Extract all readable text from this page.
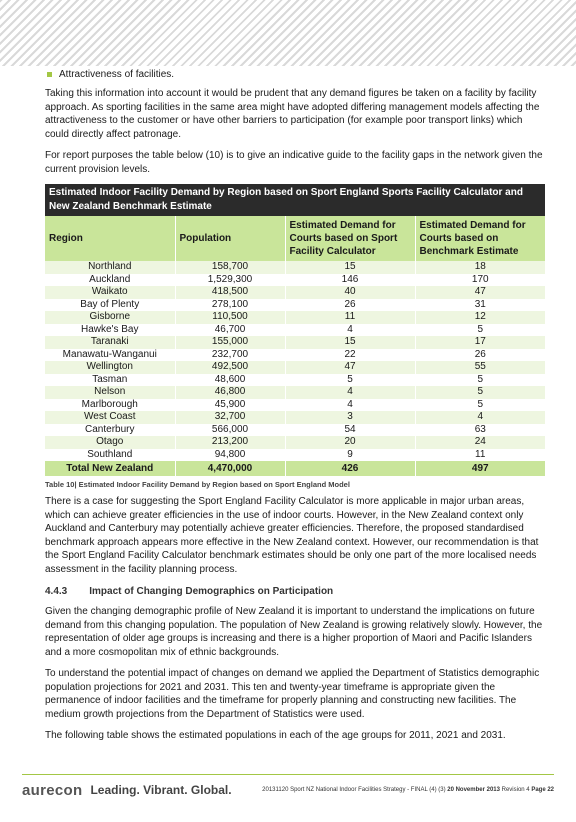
Attractiveness of facilities.

Taking this information into account it would be prudent that any demand figures be taken on a facility by facility approach. As sporting facilities in the same area might have adopted differing management models affecting the attractiveness to the customer or have other barriers to participation (for example poor transport links) which could directly affect patronage.

For report purposes the table below (10) is to give an indicative guide to the facility gaps in the network given the current provision levels.

Estimated Indoor Facility Demand by Region based on Sport England Sports Facility Calculator and New Zealand Benchmark Estimate
Region	Population	Estimated Demand for Courts based on Sport Facility Calculator	Estimated Demand for Courts based on Benchmark Estimate
Northland	158,700	15	18
Auckland	1,529,300	146	170
Waikato	418,500	40	47
Bay of Plenty	278,100	26	31
Gisborne	110,500	11	12
Hawke's Bay	46,700	4	5
Taranaki	155,000	15	17
Manawatu-Wanganui	232,700	22	26
Wellington	492,500	47	55
Tasman	48,600	5	5
Nelson	46,800	4	5
Marlborough	45,900	4	5
West Coast	32,700	3	4
Canterbury	566,000	54	63
Otago	213,200	20	24
Southland	94,800	9	11
Total New Zealand	4,470,000	426	497
Table 10| Estimated Indoor Facility Demand by Region based on Sport England Model

There is a case for suggesting the Sport England Facility Calculator is more applicable in major urban areas, which can achieve greater efficiencies in the use of indoor courts. However, in the New Zealand context only Auckland and Canterbury may potentially achieve greater efficiencies. Therefore, the proposed standardised benchmark approach appears more effective in the New Zealand context. However, our recommendation is that the Sport England Facility Calculator benchmark estimates should be only one part of the more localised needs assessment in the facility planning process.

4.4.3 Impact of Changing Demographics on Participation

Given the changing demographic profile of New Zealand it is important to understand the implications on future demand from this changing population. The population of New Zealand is growing relatively slowly. However, the representation of older age groups is increasing and there is a higher proportion of Maori and Pacific Islanders and a more cosmopolitan mix of ethnic backgrounds.

To understand the potential impact of changes on demand we applied the Department of Statistics demographic population projections for 2021 and 2031. This ten and twenty-year timeframe is appropriate given the permanence of indoor facilities and the timeframe for properly planning and constructing new facilities. The medium growth projections from the Department of Statistics were used.

The following table shows the estimated populations in each of the age groups for 2011, 2021 and 2031.

aurecon Leading. Vibrant. Global.	20131120 Sport NZ National Indoor Facilities Strategy - FINAL (4) (3) 20 November 2013 Revision 4 Page 22
